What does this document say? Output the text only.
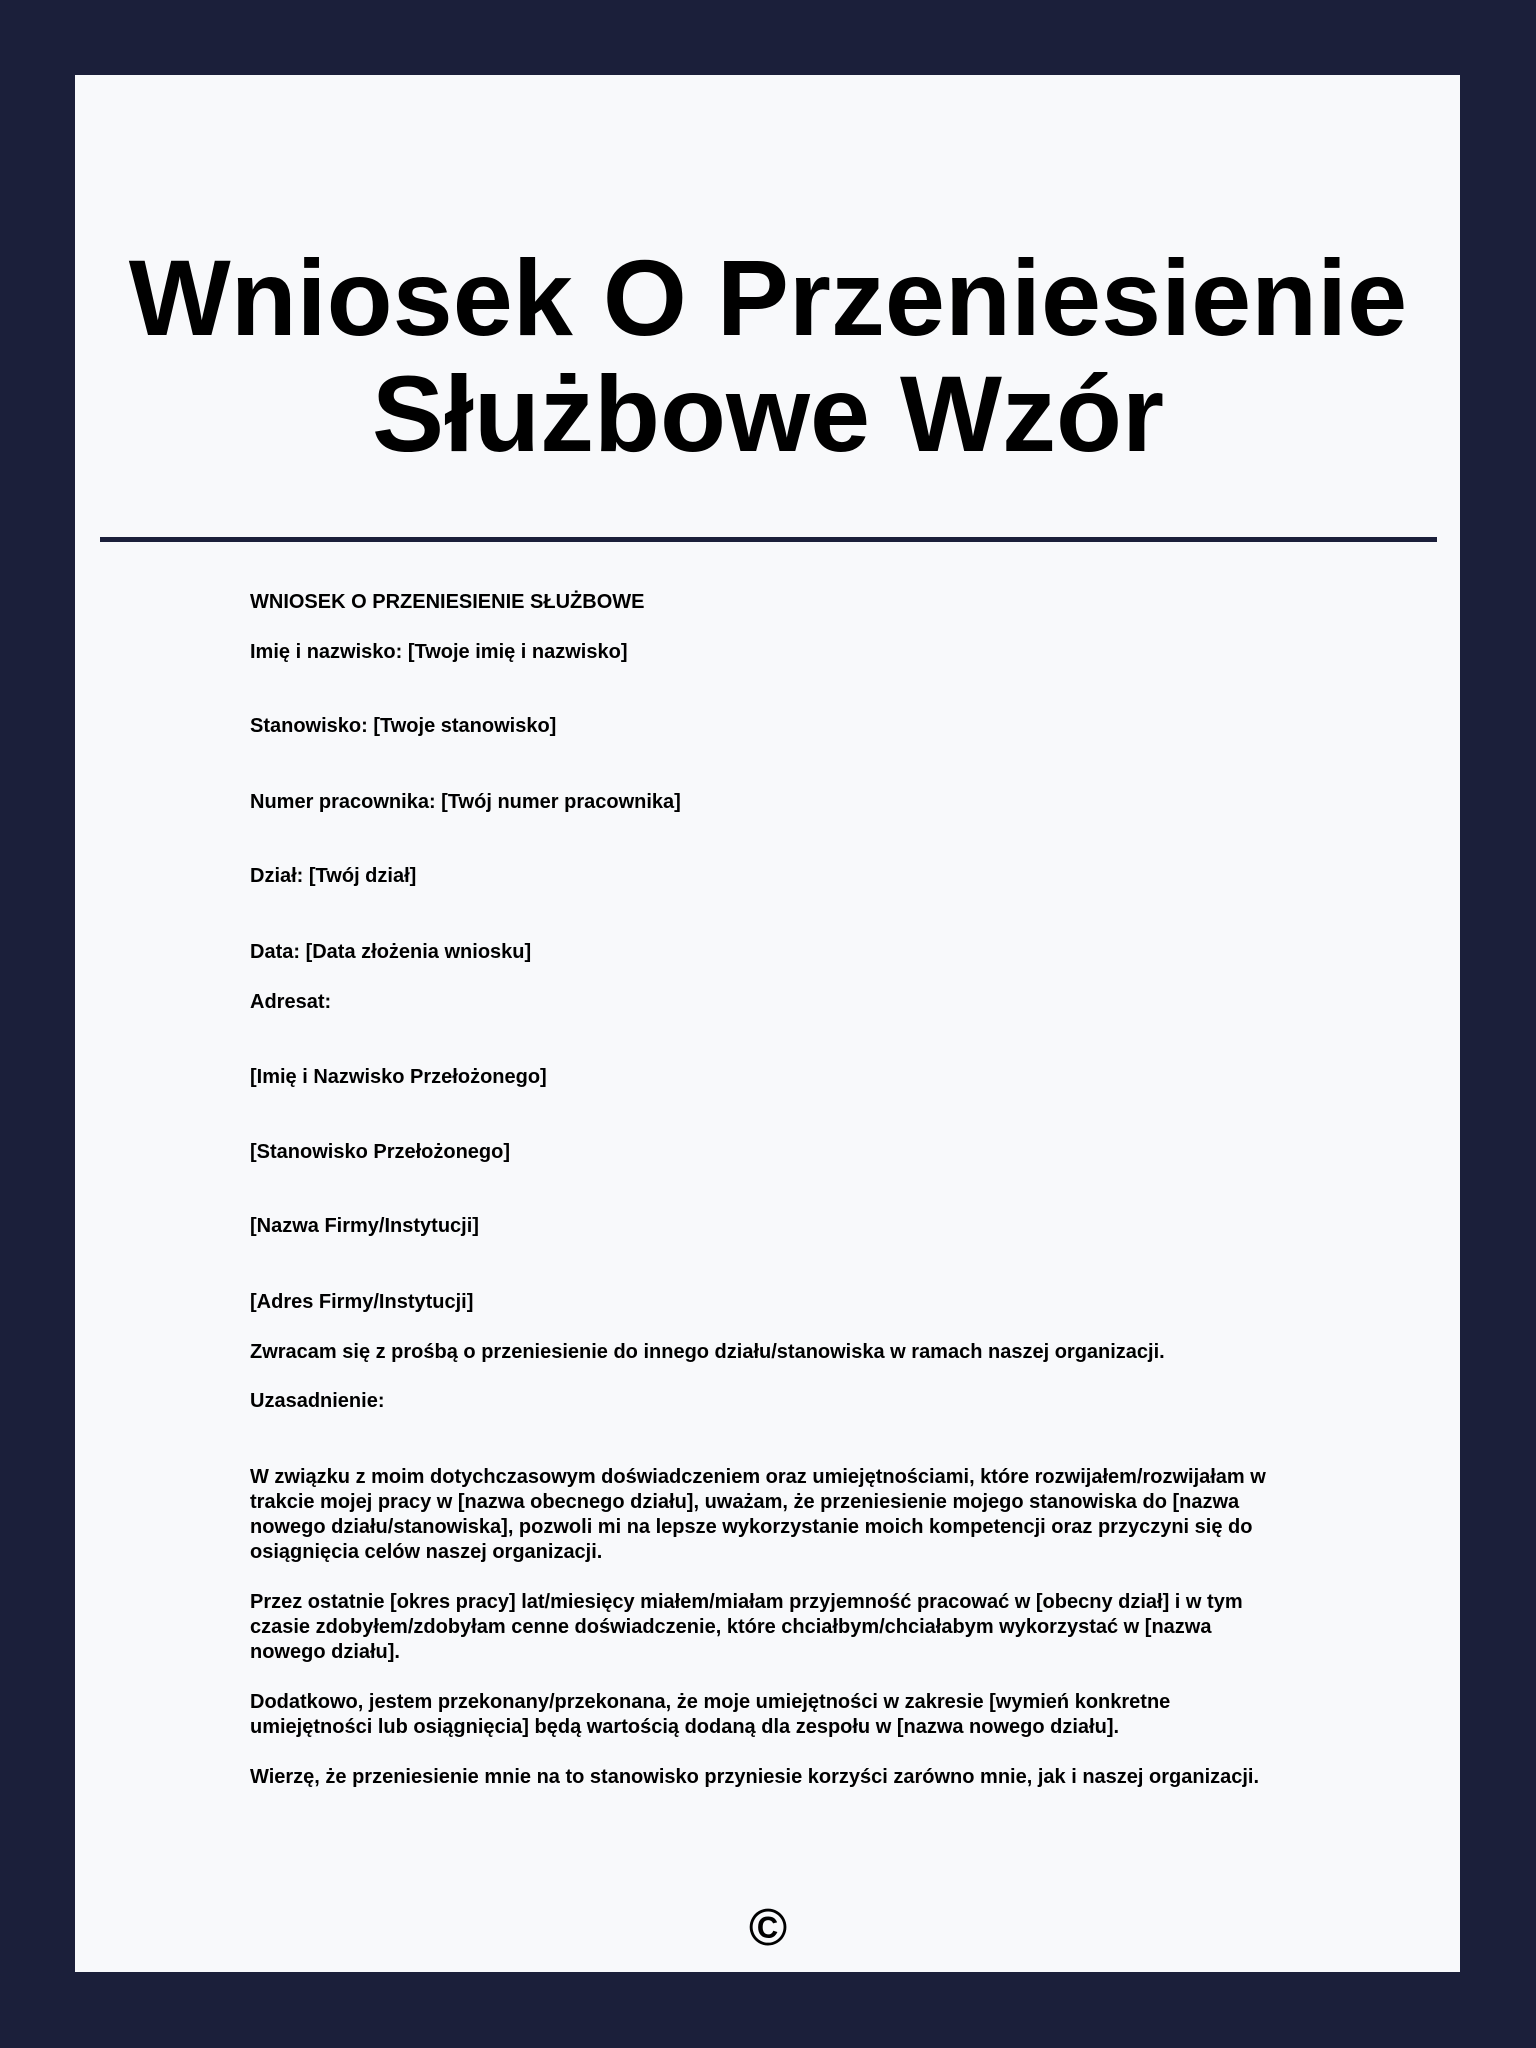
Wniosek O Przeniesienie Służbowe Wzór

WNIOSEK O PRZENIESIENIE SŁUŻBOWE

Imię i nazwisko: [Twoje imię i nazwisko]

Stanowisko: [Twoje stanowisko]

Numer pracownika: [Twój numer pracownika]

Dział: [Twój dział]

Data: [Data złożenia wniosku]

Adresat:

[Imię i Nazwisko Przełożonego]

[Stanowisko Przełożonego]

[Nazwa Firmy/Instytucji]

[Adres Firmy/Instytucji]

Zwracam się z prośbą o przeniesienie do innego działu/stanowiska w ramach naszej organizacji.

Uzasadnienie:

W związku z moim dotychczasowym doświadczeniem oraz umiejętnościami, które rozwijałem/rozwijałam w trakcie mojej pracy w [nazwa obecnego działu], uważam, że przeniesienie mojego stanowiska do [nazwa nowego działu/stanowiska], pozwoli mi na lepsze wykorzystanie moich kompetencji oraz przyczyni się do osiągnięcia celów naszej organizacji.

Przez ostatnie [okres pracy] lat/miesięcy miałem/miałam przyjemność pracować w [obecny dział] i w tym czasie zdobyłem/zdobyłam cenne doświadczenie, które chciałbym/chciałabym wykorzystać w [nazwa nowego działu].

Dodatkowo, jestem przekonany/przekonana, że moje umiejętności w zakresie [wymień konkretne umiejętności lub osiągnięcia] będą wartością dodaną dla zespołu w [nazwa nowego działu].

Wierzę, że przeniesienie mnie na to stanowisko przyniesie korzyści zarówno mnie, jak i naszej organizacji.

©
